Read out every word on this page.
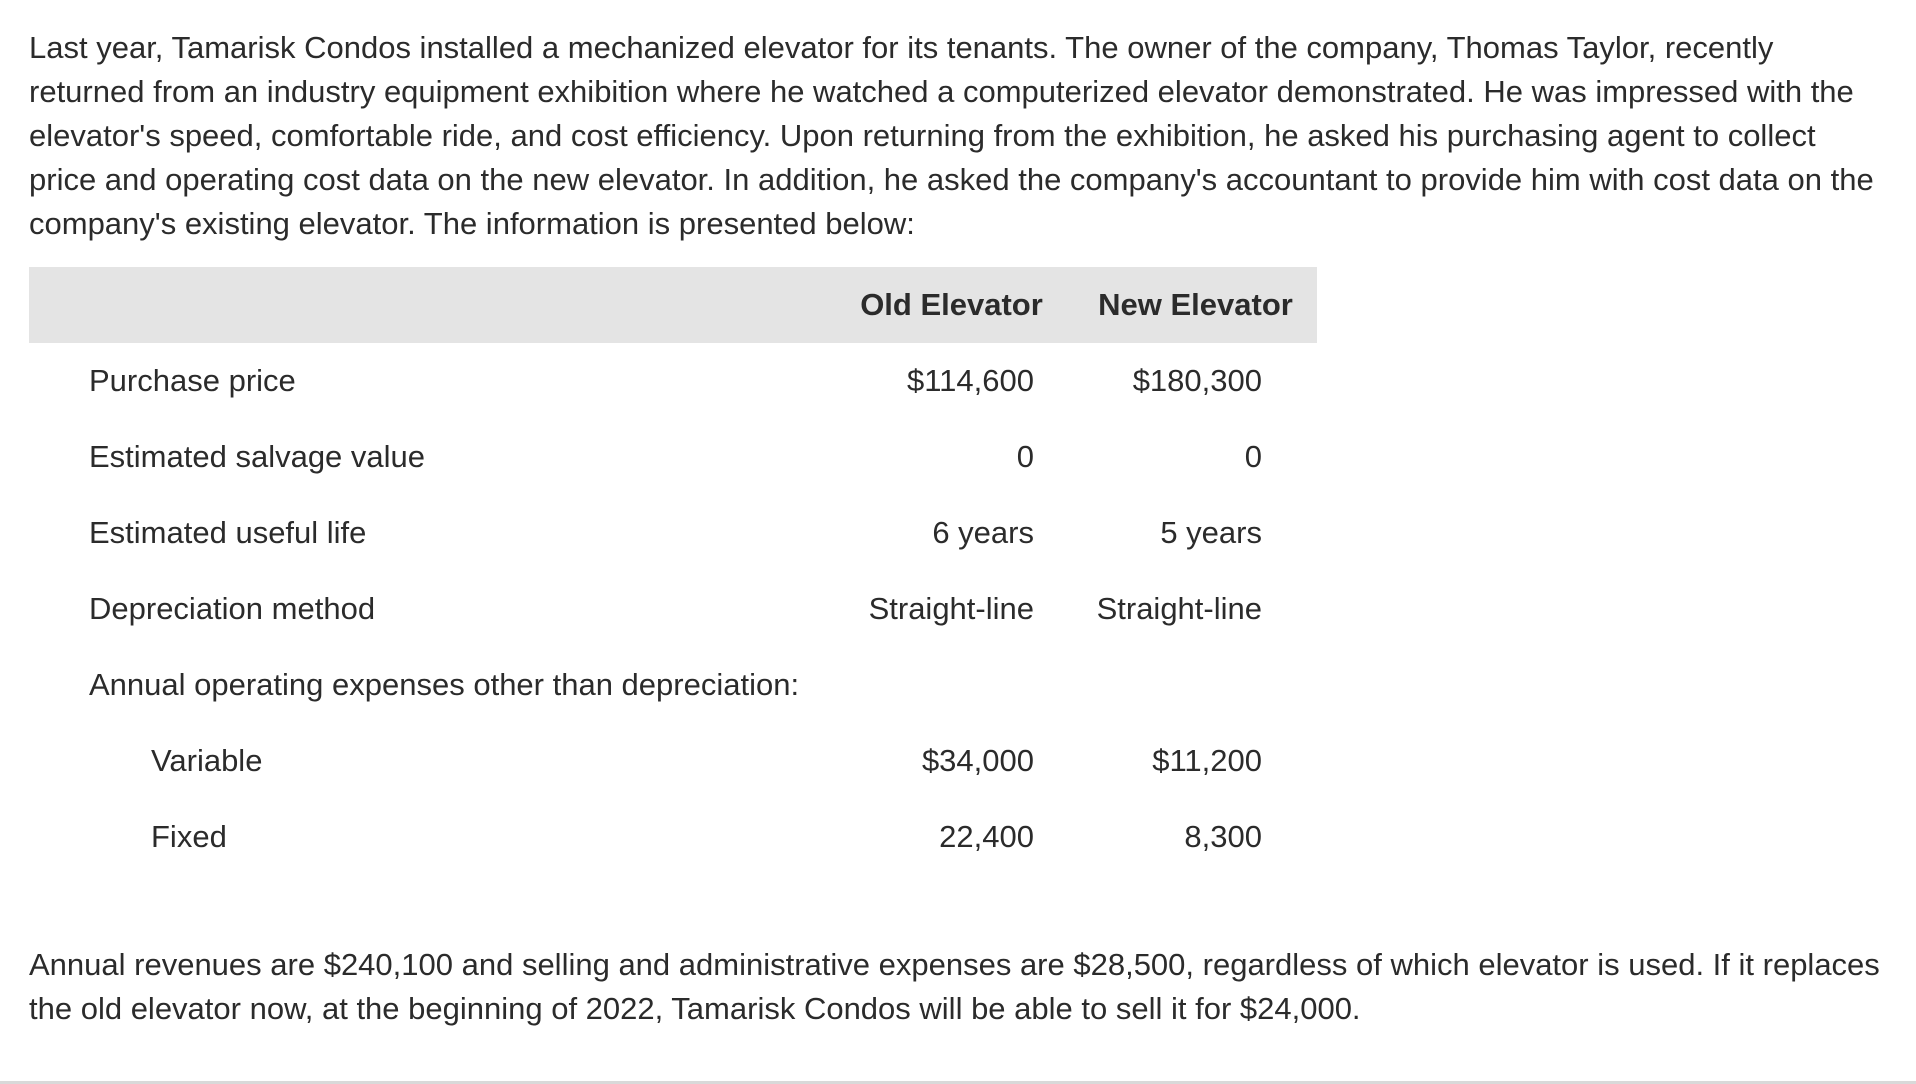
Last year, Tamarisk Condos installed a mechanized elevator for its tenants. The owner of the company, Thomas Taylor, recently returned from an industry equipment exhibition where he watched a computerized elevator demonstrated. He was impressed with the elevator's speed, comfortable ride, and cost efficiency. Upon returning from the exhibition, he asked his purchasing agent to collect price and operating cost data on the new elevator. In addition, he asked the company's accountant to provide him with cost data on the company's existing elevator. The information is presented below:

	Old Elevator	New Elevator
Purchase price	$114,600	$180,300
Estimated salvage value	0	0
Estimated useful life	6 years	5 years
Depreciation method	Straight-line	Straight-line
Annual operating expenses other than depreciation:		
Variable	$34,000	$11,200
Fixed	22,400	8,300

Annual revenues are $240,100 and selling and administrative expenses are $28,500, regardless of which elevator is used. If it replaces the old elevator now, at the beginning of 2022, Tamarisk Condos will be able to sell it for $24,000.
